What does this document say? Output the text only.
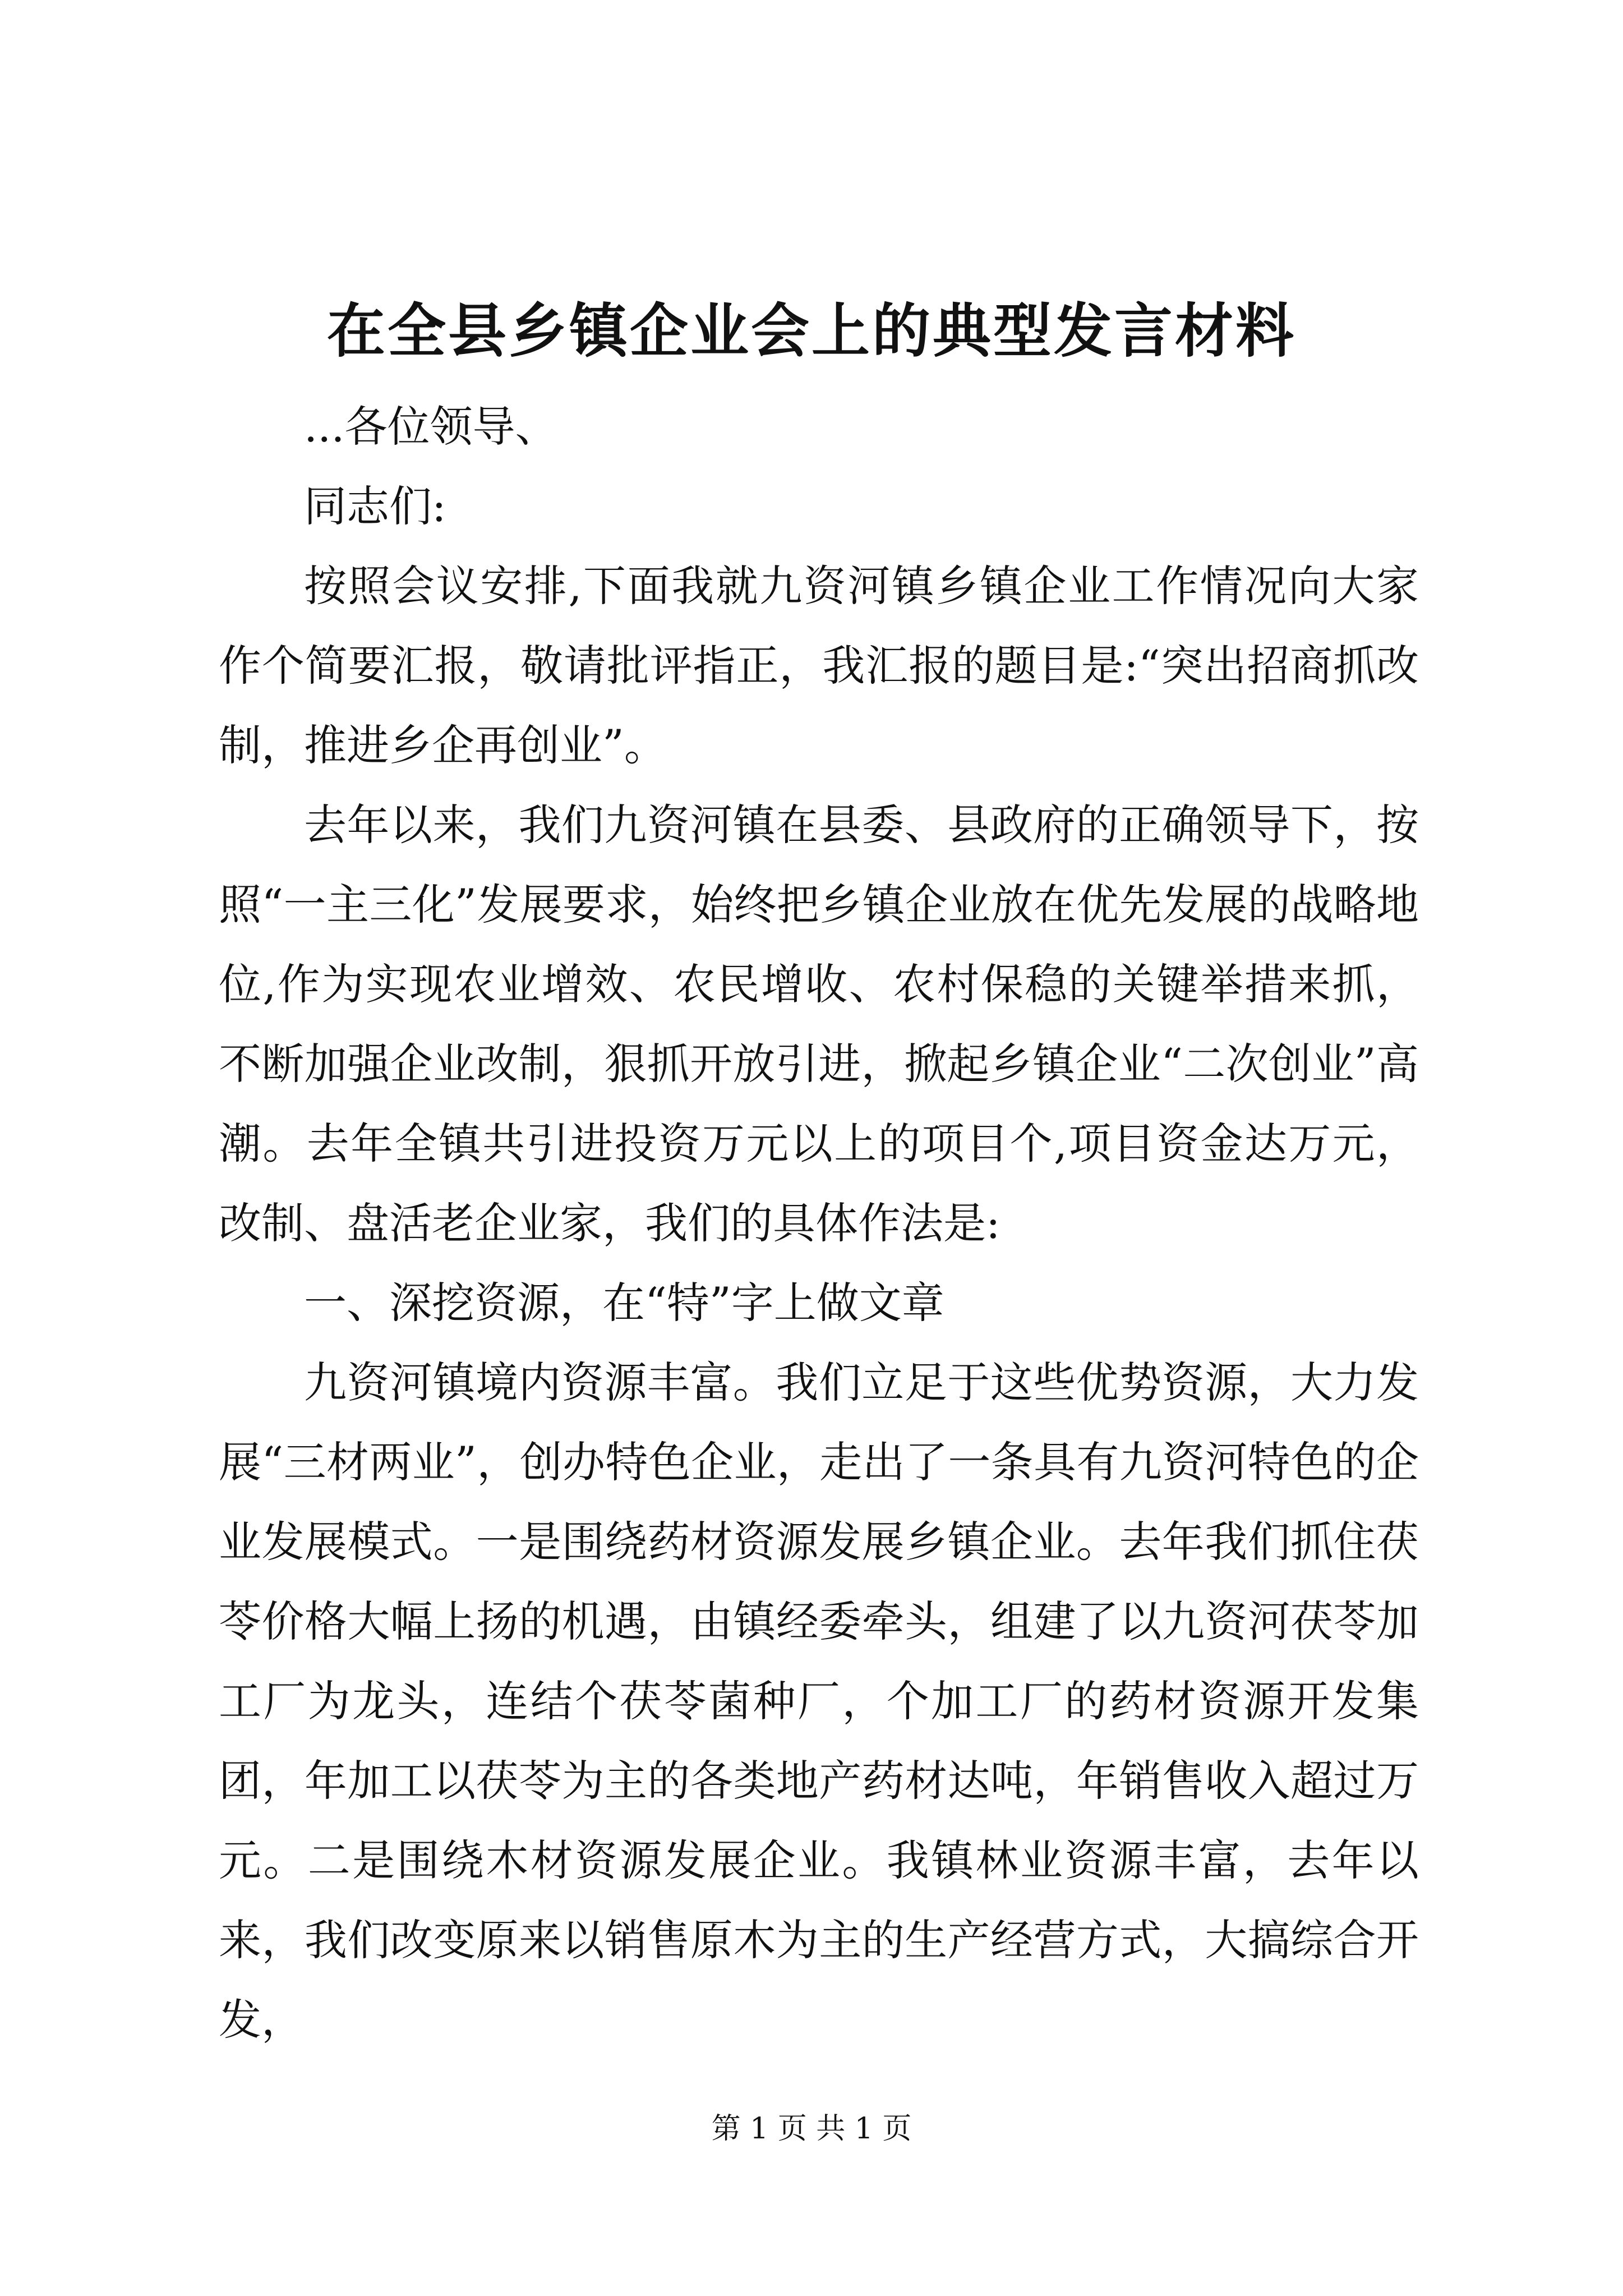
在全县乡镇企业会上的典型发言材料

...各位领导、

同志们:

按照会议安排,下面我就九资河镇乡镇企业工作情况向大家作个简要汇报，敬请批评指正，我汇报的题目是:“突出招商抓改制，推进乡企再创业”。

去年以来，我们九资河镇在县委、县政府的正确领导下，按照“一主三化”发展要求，始终把乡镇企业放在优先发展的战略地位,作为实现农业增效、农民增收、农村保稳的关键举措来抓，不断加强企业改制，狠抓开放引进，掀起乡镇企业“二次创业”高潮。去年全镇共引进投资万元以上的项目个,项目资金达万元，改制、盘活老企业家，我们的具体作法是:

一、深挖资源，在“特”字上做文章

九资河镇境内资源丰富。我们立足于这些优势资源，大力发展“三材两业”，创办特色企业，走出了一条具有九资河特色的企业发展模式。一是围绕药材资源发展乡镇企业。去年我们抓住茯苓价格大幅上扬的机遇，由镇经委牵头，组建了以九资河茯苓加工厂为龙头，连结个茯苓菌种厂，个加工厂的药材资源开发集团，年加工以茯苓为主的各类地产药材达吨，年销售收入超过万元。二是围绕木材资源发展企业。我镇林业资源丰富，去年以来，我们改变原来以销售原木为主的生产经营方式，大搞综合开发，

第 1 页 共 1 页
